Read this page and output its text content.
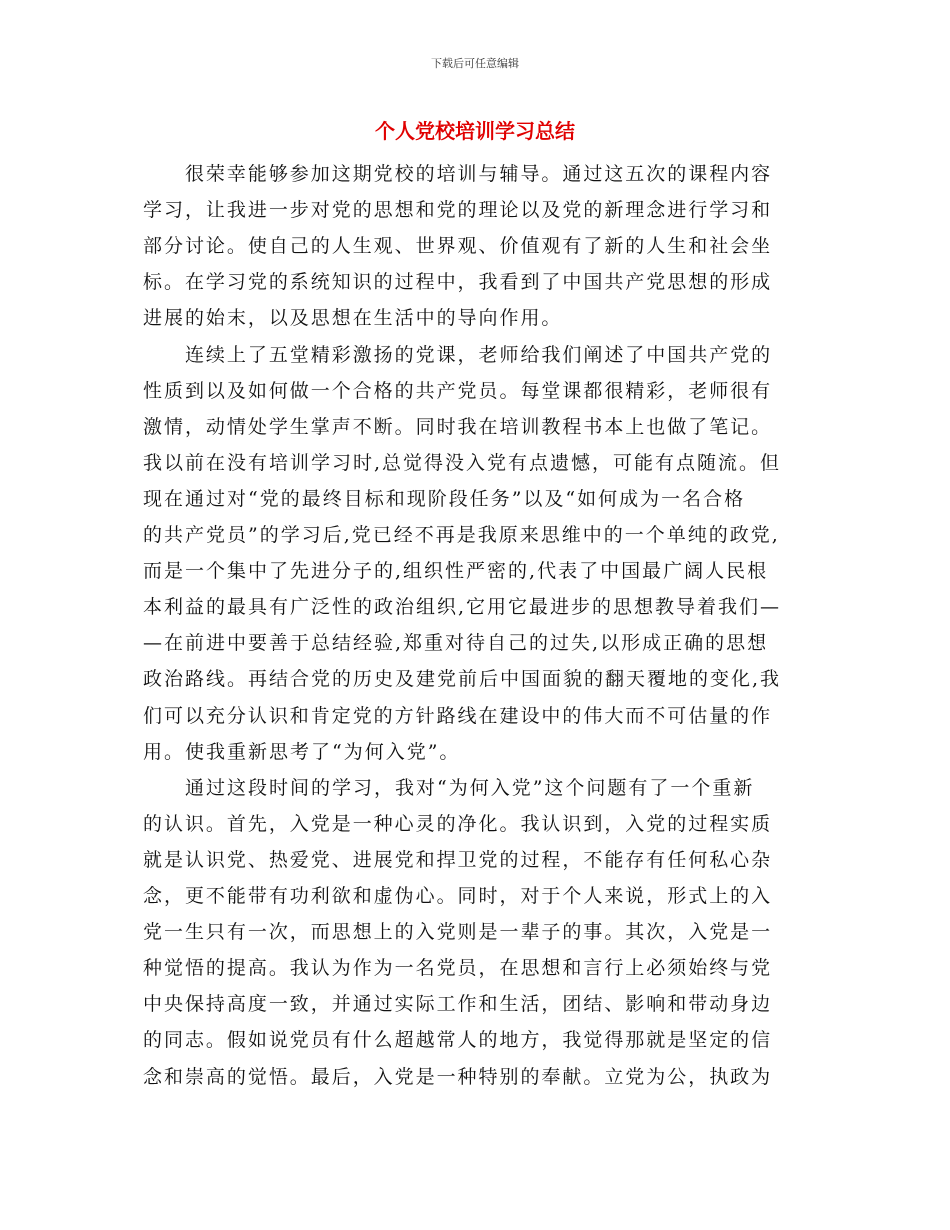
下载后可任意编辑
个人党校培训学习总结
　　很荣幸能够参加这期党校的培训与辅导。通过这五次的课程内容
学习，让我进一步对党的思想和党的理论以及党的新理念进行学习和
部分讨论。使自己的人生观、世界观、价值观有了新的人生和社会坐
标。在学习党的系统知识的过程中，我看到了中国共产党思想的形成
进展的始末，以及思想在生活中的导向作用。
　　连续上了五堂精彩激扬的党课，老师给我们阐述了中国共产党的
性质到以及如何做一个合格的共产党员。每堂课都很精彩，老师很有
激情，动情处学生掌声不断。同时我在培训教程书本上也做了笔记。
我以前在没有培训学习时,总觉得没入党有点遗憾，可能有点随流。但
现在通过对“党的最终目标和现阶段任务”以及“如何成为一名合格
的共产党员”的学习后,党已经不再是我原来思维中的一个单纯的政党,
而是一个集中了先进分子的,组织性严密的,代表了中国最广阔人民根
本利益的最具有广泛性的政治组织,它用它最进步的思想教导着我们—
—在前进中要善于总结经验,郑重对待自己的过失,以形成正确的思想
政治路线。再结合党的历史及建党前后中国面貌的翻天覆地的变化,我
们可以充分认识和肯定党的方针路线在建设中的伟大而不可估量的作
用。使我重新思考了“为何入党”。
　　通过这段时间的学习，我对“为何入党”这个问题有了一个重新
的认识。首先，入党是一种心灵的净化。我认识到，入党的过程实质
就是认识党、热爱党、进展党和捍卫党的过程，不能存有任何私心杂
念，更不能带有功利欲和虚伪心。同时，对于个人来说，形式上的入
党一生只有一次，而思想上的入党则是一辈子的事。其次，入党是一
种觉悟的提高。我认为作为一名党员，在思想和言行上必须始终与党
中央保持高度一致，并通过实际工作和生活，团结、影响和带动身边
的同志。假如说党员有什么超越常人的地方，我觉得那就是坚定的信
念和崇高的觉悟。最后，入党是一种特别的奉献。立党为公，执政为
